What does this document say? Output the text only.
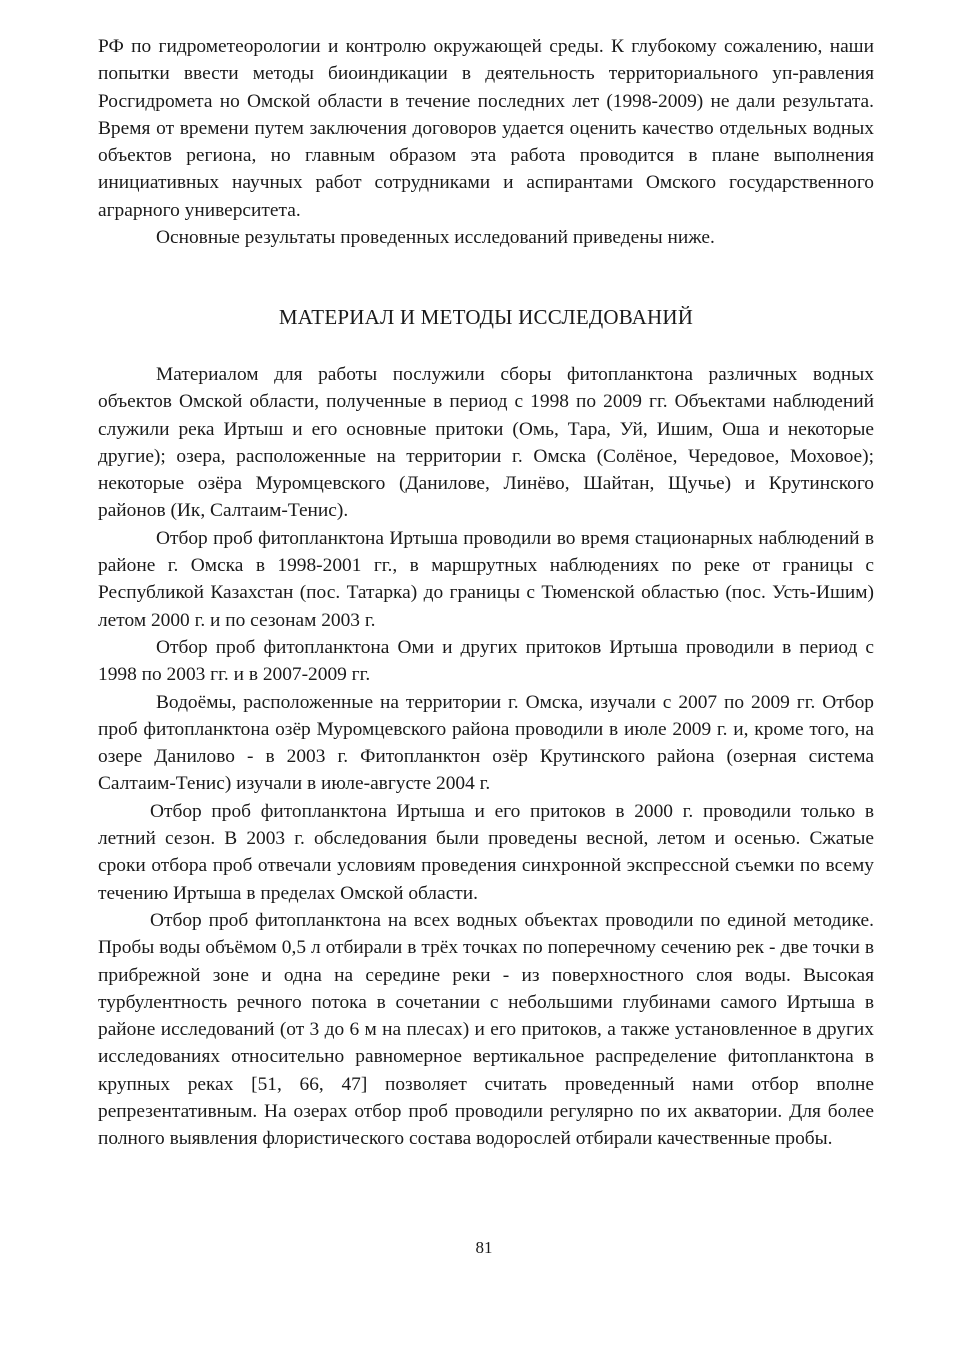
РФ по гидрометеорологии и контролю окружающей среды. К глубокому сожалению, наши попытки ввести методы биоиндикации в деятельность территориального уп-равления Росгидромета но Омской области в течение последних лет (1998-2009) не дали результата. Время от времени путем заключения договоров удается оценить качество отдельных водных объектов региона, но главным образом эта работа проводится в плане выполнения инициативных научных работ сотрудниками и аспирантами Омского государственного аграрного университета.

Основные результаты проведенных исследований приведены ниже.

МАТЕРИАЛ И МЕТОДЫ ИССЛЕДОВАНИЙ

Материалом для работы послужили сборы фитопланктона различных водных объектов Омской области, полученные в период с 1998 по 2009 гг. Объектами наблюдений служили река Иртыш и его основные притоки (Омь, Тара, Уй, Ишим, Оша и некоторые другие); озера, расположенные на территории г. Омска (Солёное, Чередовое, Моховое); некоторые озёра Муромцевского (Данилове, Линёво, Шайтан, Щучье) и Крутинского районов (Ик, Салтаим-Тенис).

Отбор проб фитопланктона Иртыша проводили во время стационарных наблюдений в районе г. Омска в 1998-2001 гг., в маршрутных наблюдениях по реке от границы с Республикой Казахстан (пос. Татарка) до границы с Тюменской областью (пос. Усть-Ишим) летом 2000 г. и по сезонам 2003 г.

Отбор проб фитопланктона Оми и других притоков Иртыша проводили в период с 1998 по 2003 гг. и в 2007-2009 гг.

Водоёмы, расположенные на территории г. Омска, изучали с 2007 по 2009 гг. Отбор проб фитопланктона озёр Муромцевского района проводили в июле 2009 г. и, кроме того, на озере Данилово - в 2003 г. Фитопланктон озёр Крутинского района (озерная система Салтаим-Тенис) изучали в июле-августе 2004 г.

Отбор проб фитопланктона Иртыша и его притоков в 2000 г. проводили только в летний сезон. В 2003 г. обследования были проведены весной, летом и осенью. Сжатые сроки отбора проб отвечали условиям проведения синхронной экспрессной съемки по всему течению Иртыша в пределах Омской области.

Отбор проб фитопланктона на всех водных объектах проводили по единой методике. Пробы воды объёмом 0,5 л отбирали в трёх точках по поперечному сечению рек - две точки в прибрежной зоне и одна на середине реки - из поверхностного слоя воды. Высокая турбулентность речного потока в сочетании с небольшими глубинами самого Иртыша в районе исследований (от 3 до 6 м на плесах) и его притоков, а также установленное в других исследованиях относительно равномерное вертикальное распределение фитопланктона в крупных реках [51, 66, 47] позволяет считать проведенный нами отбор вполне репрезентативным. На озерах отбор проб проводили регулярно по их акватории. Для более полного выявления флористического состава водорослей отбирали качественные пробы.

81
